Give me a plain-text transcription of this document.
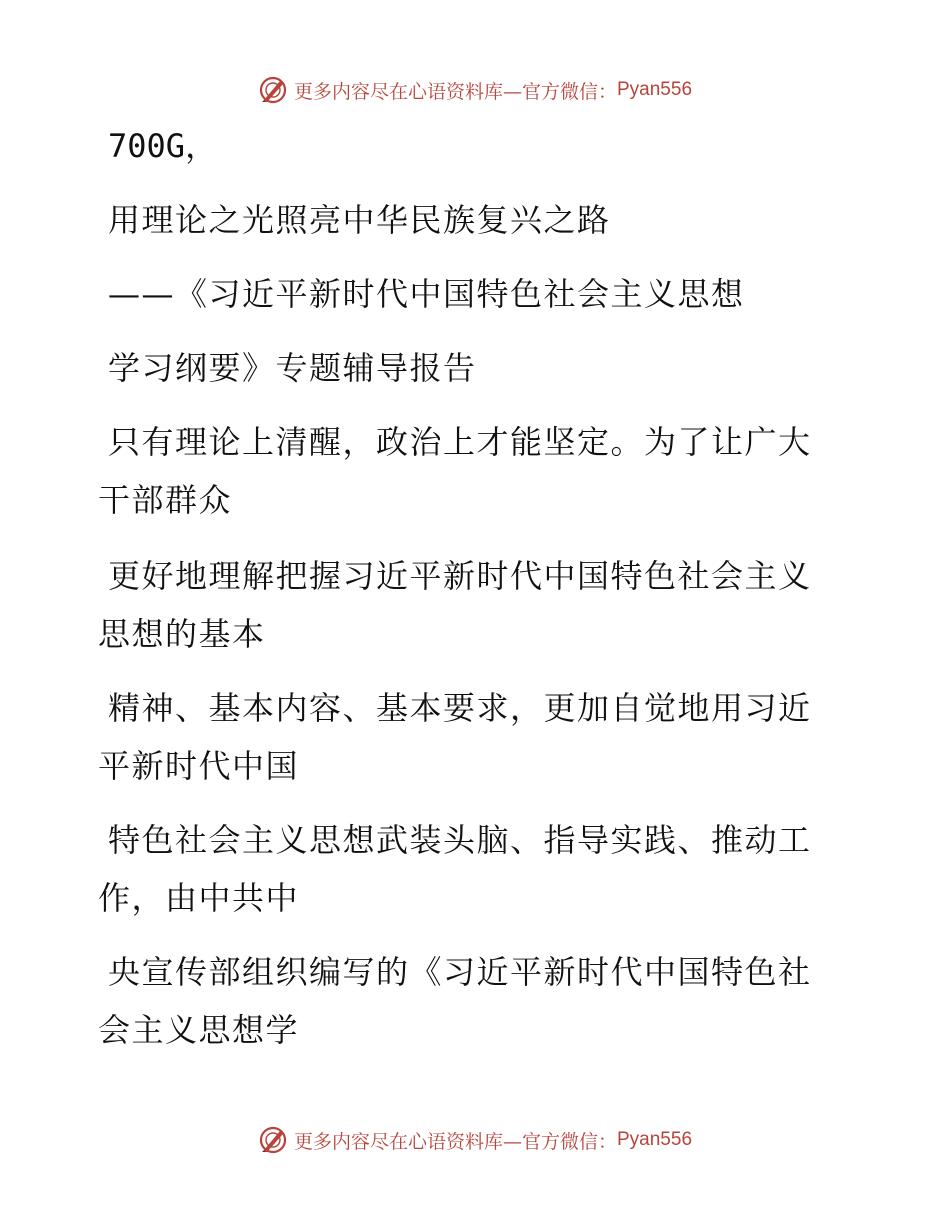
更多内容尽在心语资料库—官方微信： Pyan556
700G，
用理论之光照亮中华民族复兴之路
——《习近平新时代中国特色社会主义思想
学习纲要》专题辅导报告
只有理论上清醒，政治上才能坚定。为了让广大
干部群众
更好地理解把握习近平新时代中国特色社会主义
思想的基本
精神、基本内容、基本要求，更加自觉地用习近
平新时代中国
特色社会主义思想武装头脑、指导实践、推动工
作，由中共中
央宣传部组织编写的《习近平新时代中国特色社
会主义思想学
更多内容尽在心语资料库—官方微信： Pyan556
